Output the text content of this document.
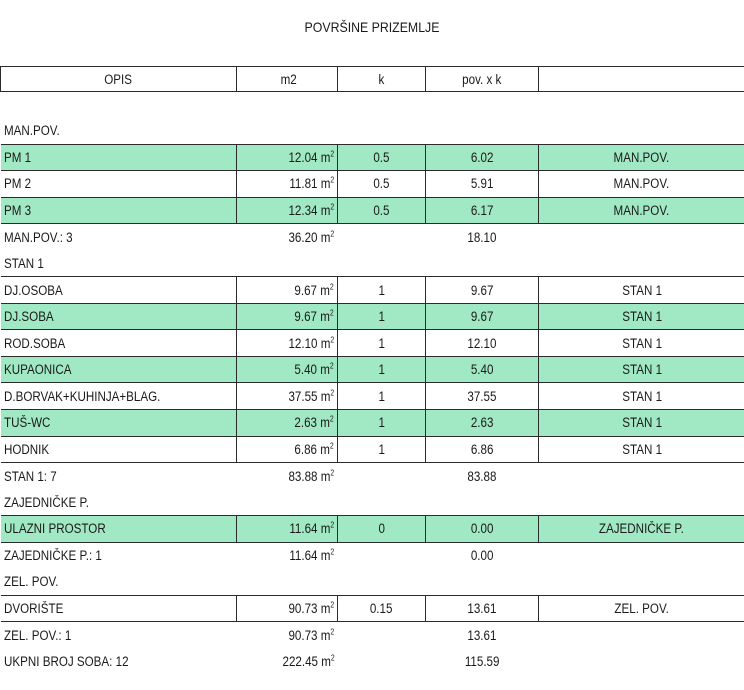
POVRŠINE PRIZEMLJE
OPIS	m2	k	pov. x k	

MAN.POV.				
PM 1	12.04 $m^2$	0.5	6.02	MAN.POV.
PM 2	11.81 $m^2$	0.5	5.91	MAN.POV.
PM 3	12.34 $m^2$	0.5	6.17	MAN.POV.
MAN.POV.: 3	36.20 $m^2$		18.10	
STAN 1				
DJ.OSOBA	9.67 $m^2$	1	9.67	STAN 1
DJ.SOBA	9.67 $m^2$	1	9.67	STAN 1
ROD.SOBA	12.10 $m^2$	1	12.10	STAN 1
KUPAONICA	5.40 $m^2$	1	5.40	STAN 1
D.BORVAK+KUHINJA+BLAG.	37.55 $m^2$	1	37.55	STAN 1
TUŠ-WC	2.63 $m^2$	1	2.63	STAN 1
HODNIK	6.86 $m^2$	1	6.86	STAN 1
STAN 1: 7	83.88 $m^2$		83.88	
ZAJEDNIČKE P.				
ULAZNI PROSTOR	11.64 $m^2$	0	0.00	ZAJEDNIČKE P.
ZAJEDNIČKE P.: 1	11.64 $m^2$		0.00	
ZEL. POV.				
DVORIŠTE	90.73 $m^2$	0.15	13.61	ZEL. POV.
ZEL. POV.: 1	90.73 $m^2$		13.61	
UKPNI BROJ SOBA: 12	222.45 $m^2$		115.59	
